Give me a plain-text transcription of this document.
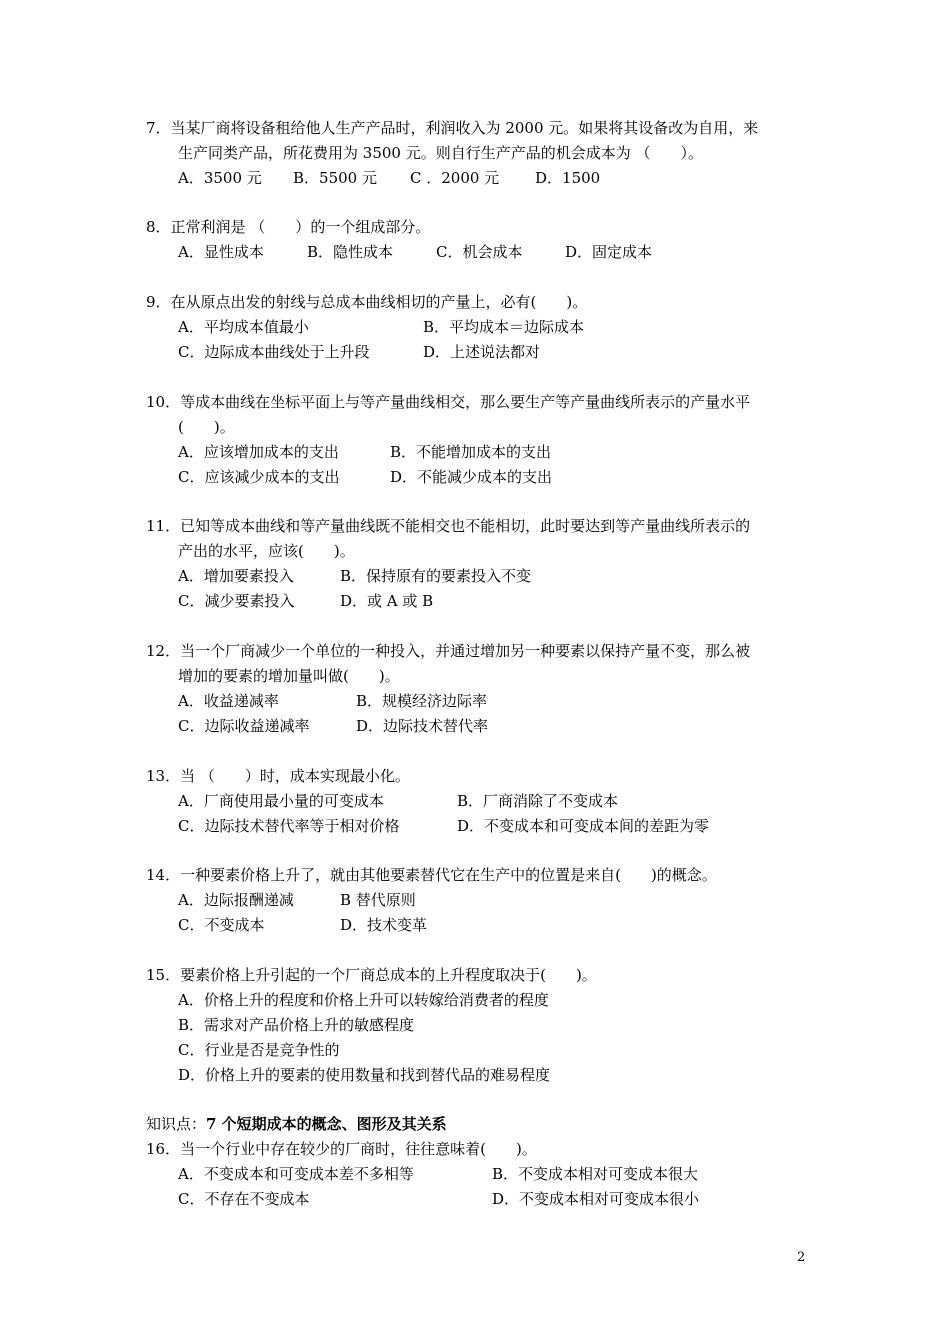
7．当某厂商将设备租给他人生产产品时，利润收入为 2000 元。如果将其设备改为自用，来
生产同类产品，所花费用为 3500 元。则自行生产产品的机会成本为 （　　）。
A．3500 元 B．5500 元 C ．2000 元 D．1500
8．正常利润是 （　　）的一个组成部分。
A．显性成本	B．隐性成本	C．机会成本	D．固定成本
9．在从原点出发的射线与总成本曲线相切的产量上，必有(　　)。
A．平均成本值最小	B．平均成本＝边际成本
C．边际成本曲线处于上升段	D．上述说法都对
10．等成本曲线在坐标平面上与等产量曲线相交，那么要生产等产量曲线所表示的产量水平
(　　)。
A．应该增加成本的支出	B．不能增加成本的支出
C．应该减少成本的支出	D．不能减少成本的支出
11．已知等成本曲线和等产量曲线既不能相交也不能相切，此时要达到等产量曲线所表示的
产出的水平，应该(　　)。
A．增加要素投入	B．保持原有的要素投入不变
C．减少要素投入	D．或 A 或 B
12．当一个厂商减少一个单位的一种投入，并通过增加另一种要素以保持产量不变，那么被
增加的要素的增加量叫做(　　)。
A．收益递减率	B．规模经济边际率
C．边际收益递减率	D．边际技术替代率
13．当 （　　）时，成本实现最小化。
A．厂商使用最小量的可变成本	B．厂商消除了不变成本
C．边际技术替代率等于相对价格	D．不变成本和可变成本间的差距为零
14．一种要素价格上升了，就由其他要素替代它在生产中的位置是来自(　　)的概念。
A．边际报酬递减	B 替代原则
C．不变成本	D．技术变革
15．要素价格上升引起的一个厂商总成本的上升程度取决于(　　)。
A．价格上升的程度和价格上升可以转嫁给消费者的程度
B．需求对产品价格上升的敏感程度
C．行业是否是竞争性的
D．价格上升的要素的使用数量和找到替代品的难易程度
知识点：7 个短期成本的概念、图形及其关系
16．当一个行业中存在较少的厂商时，往往意味着(　　)。
A．不变成本和可变成本差不多相等	B．不变成本相对可变成本很大
C．不存在不变成本	D．不变成本相对可变成本很小
2
